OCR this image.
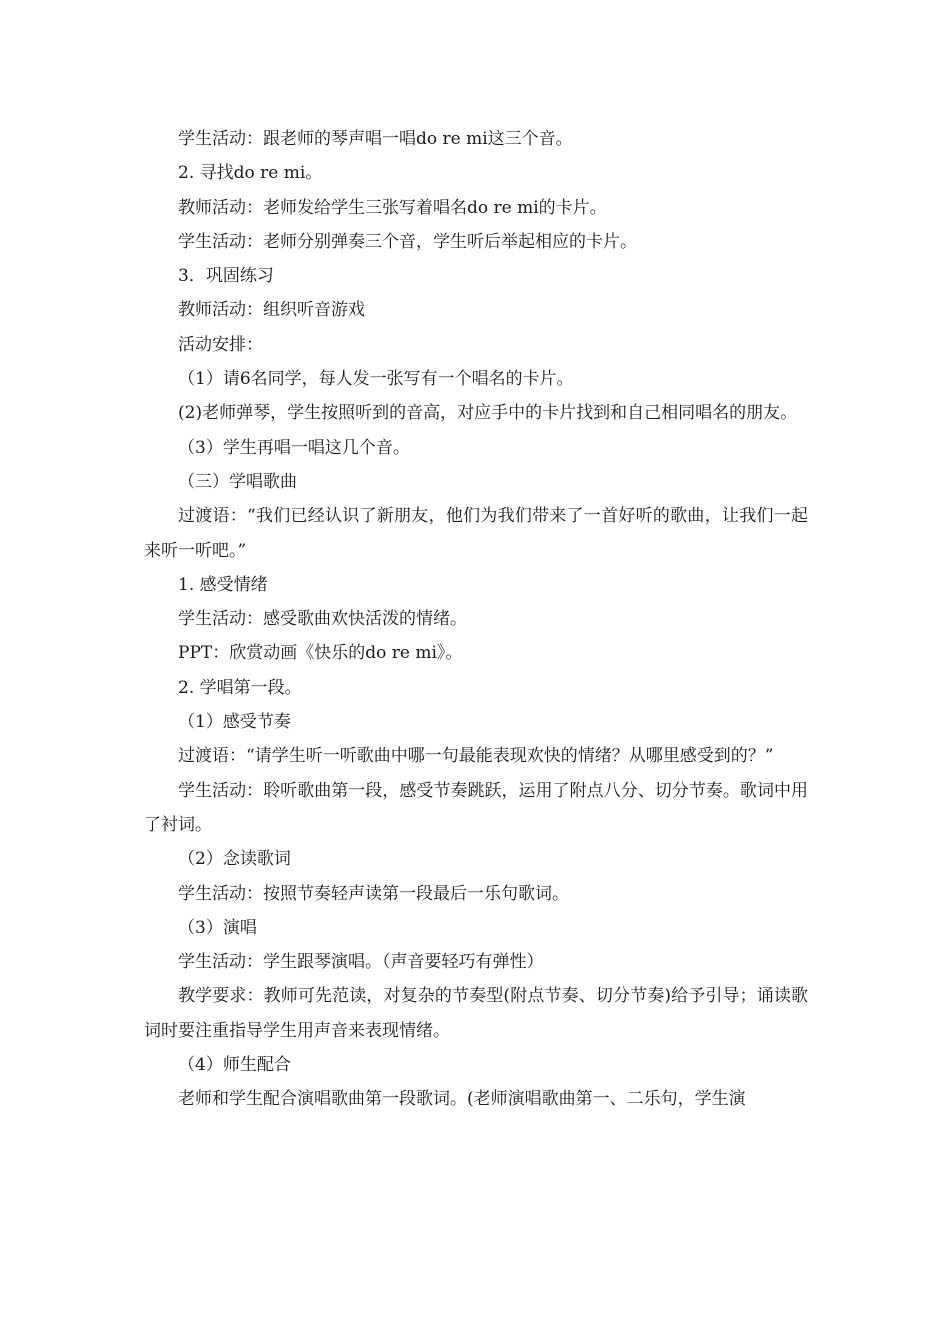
学生活动：跟老师的琴声唱一唱do re mi这三个音。

2. 寻找do re mi。

教师活动：老师发给学生三张写着唱名do re mi的卡片。

学生活动：老师分别弹奏三个音，学生听后举起相应的卡片。

3．巩固练习

教师活动：组织听音游戏

活动安排：

（1）请6名同学，每人发一张写有一个唱名的卡片。

(2)老师弹琴，学生按照听到的音高，对应手中的卡片找到和自己相同唱名的朋友。

（3）学生再唱一唱这几个音。

（三）学唱歌曲

过渡语：“我们已经认识了新朋友，他们为我们带来了一首好听的歌曲，让我们一起来听一听吧。”

1. 感受情绪

学生活动：感受歌曲欢快活泼的情绪。

PPT：欣赏动画《快乐的do re mi》。

2. 学唱第一段。

（1）感受节奏

过渡语：“请学生听一听歌曲中哪一句最能表现欢快的情绪？从哪里感受到的？”

学生活动：聆听歌曲第一段，感受节奏跳跃，运用了附点八分、切分节奏。歌词中用了衬词。

（2）念读歌词

学生活动：按照节奏轻声读第一段最后一乐句歌词。

（3）演唱

学生活动：学生跟琴演唱。（声音要轻巧有弹性）

教学要求：教师可先范读，对复杂的节奏型(附点节奏、切分节奏)给予引导；诵读歌词时要注重指导学生用声音来表现情绪。

（4）师生配合

老师和学生配合演唱歌曲第一段歌词。(老师演唱歌曲第一、二乐句，学生演
